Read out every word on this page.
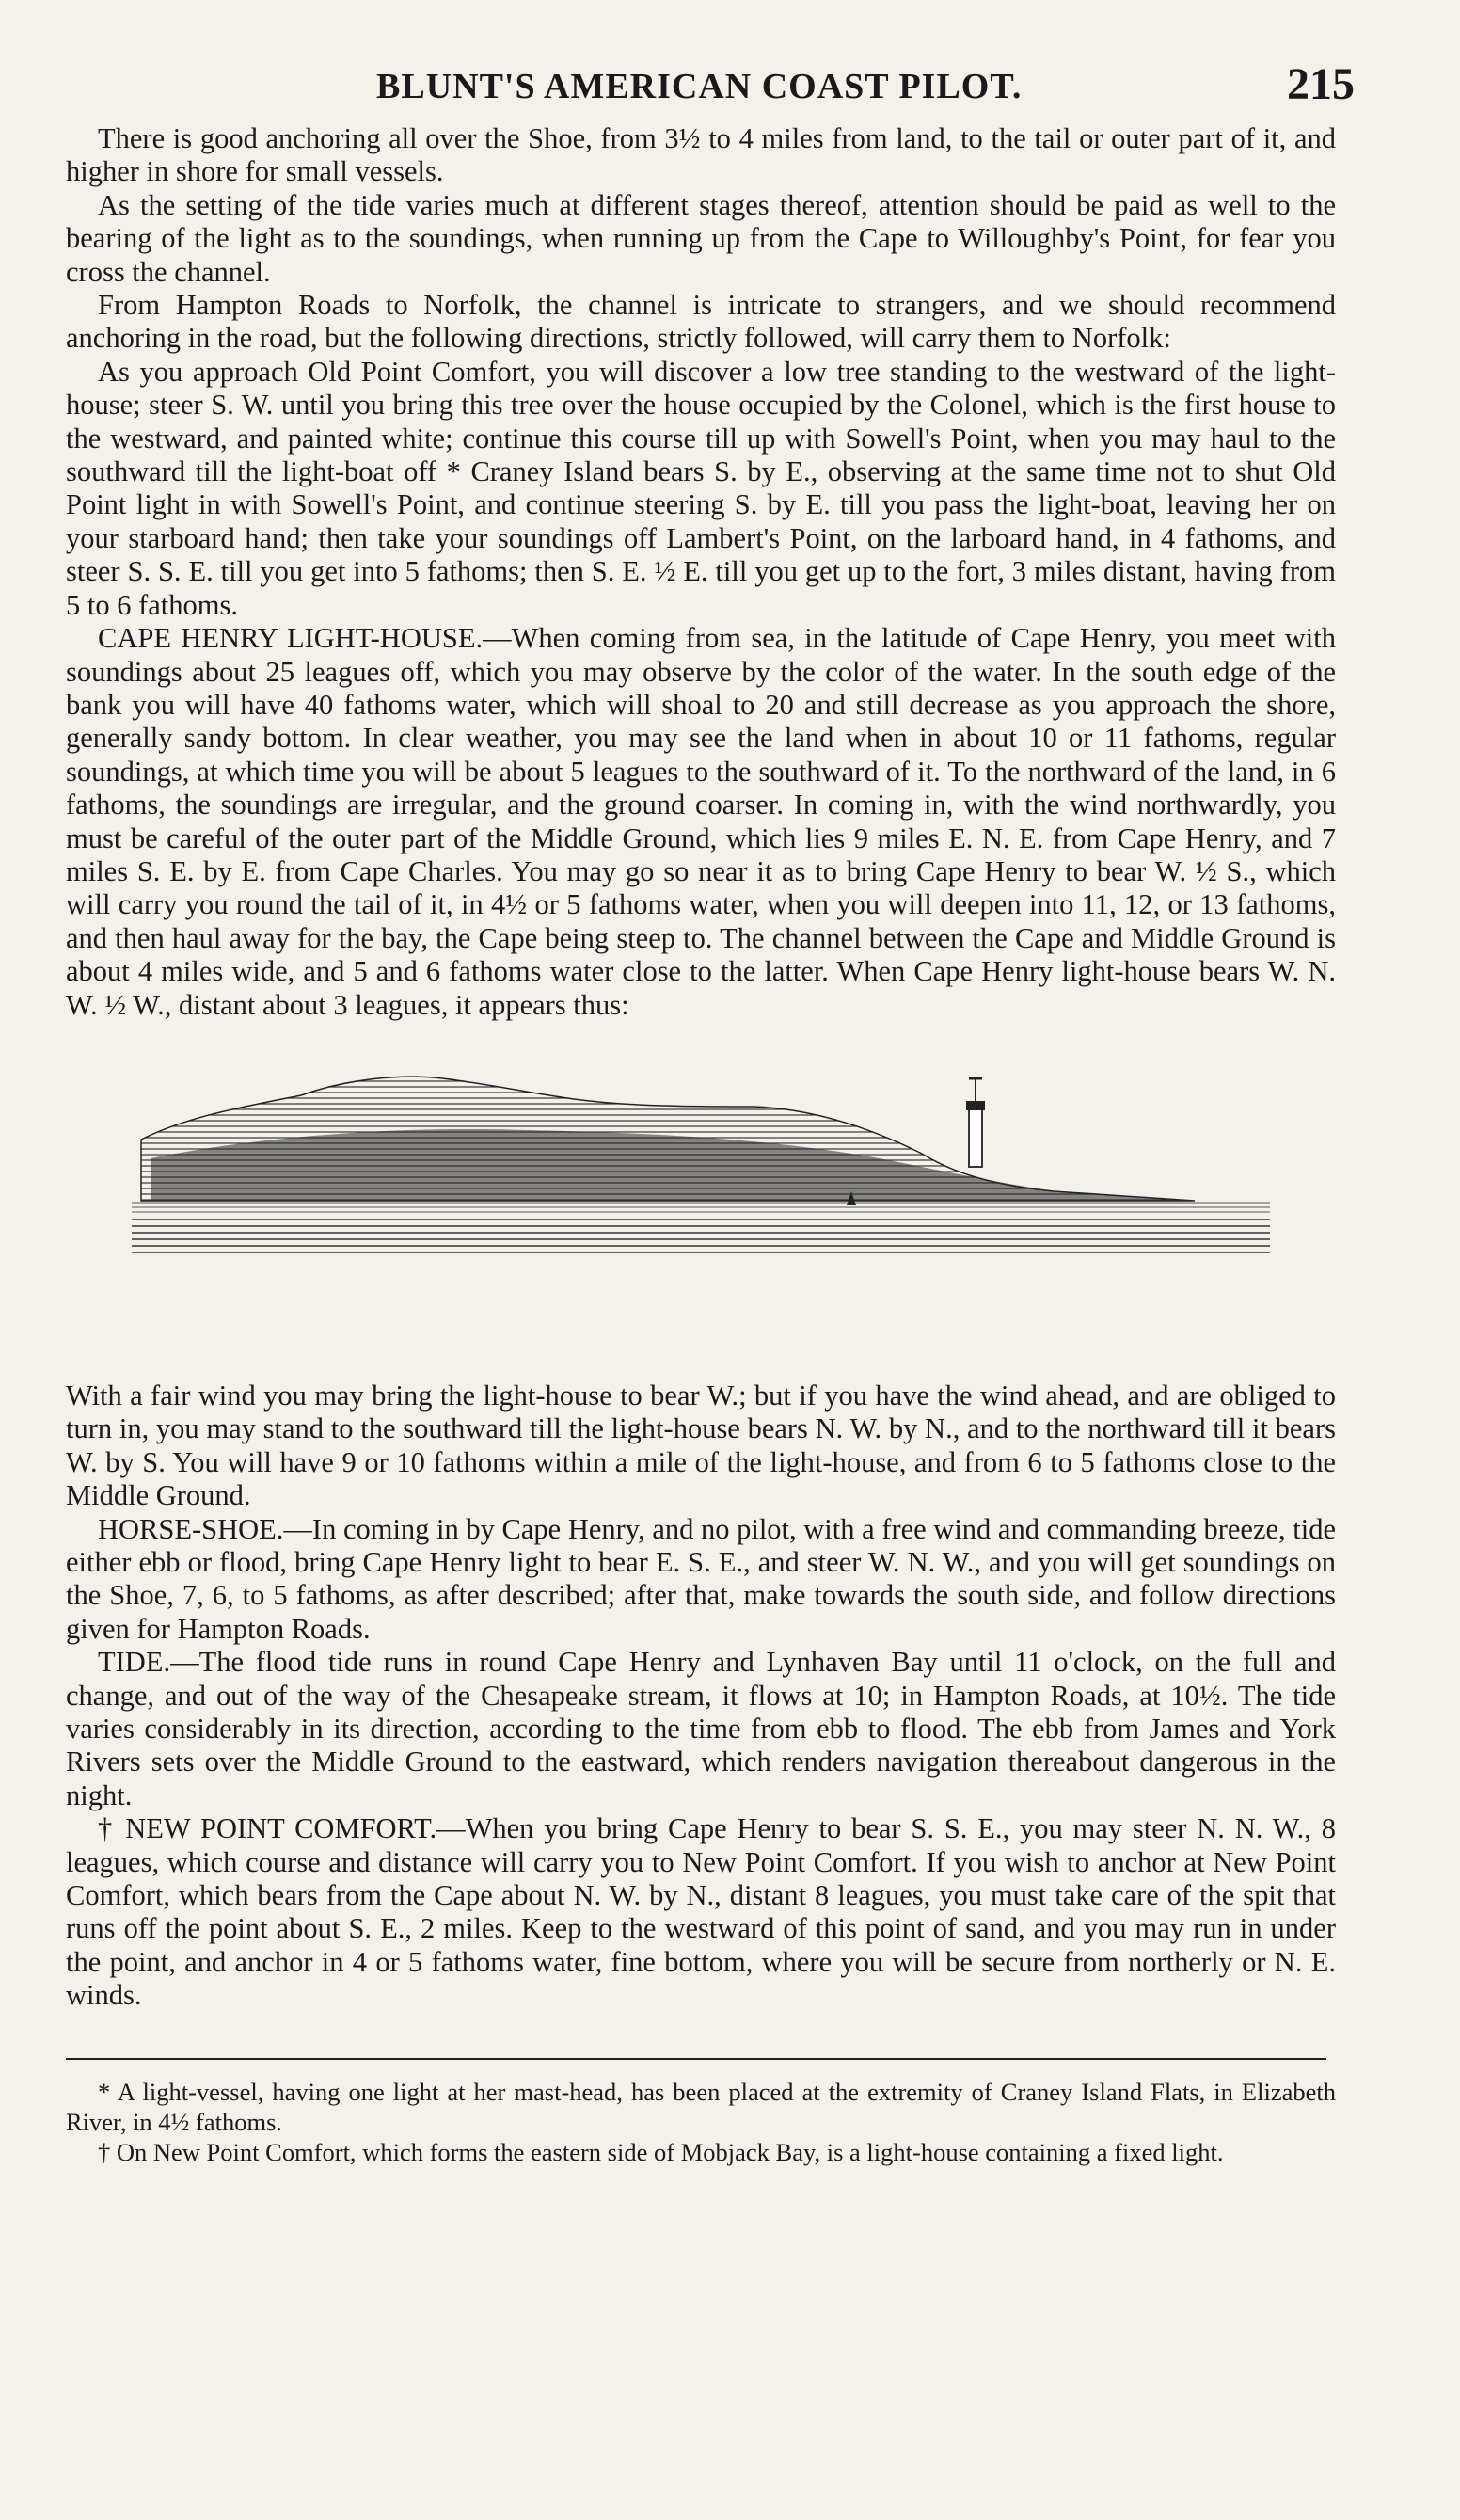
BLUNT'S AMERICAN COAST PILOT.	215

There is good anchoring all over the Shoe, from 3½ to 4 miles from land, to the tail or outer part of it, and higher in shore for small vessels.

As the setting of the tide varies much at different stages thereof, attention should be paid as well to the bearing of the light as to the soundings, when running up from the Cape to Willoughby's Point, for fear you cross the channel.

From Hampton Roads to Norfolk, the channel is intricate to strangers, and we should recommend anchoring in the road, but the following directions, strictly followed, will carry them to Norfolk:

As you approach Old Point Comfort, you will discover a low tree standing to the westward of the light-house; steer S. W. until you bring this tree over the house occupied by the Colonel, which is the first house to the westward, and painted white; continue this course till up with Sowell's Point, when you may haul to the southward till the light-boat off * Craney Island bears S. by E., observing at the same time not to shut Old Point light in with Sowell's Point, and continue steering S. by E. till you pass the light-boat, leaving her on your starboard hand; then take your soundings off Lambert's Point, on the larboard hand, in 4 fathoms, and steer S. S. E. till you get into 5 fathoms; then S. E. ½ E. till you get up to the fort, 3 miles distant, having from 5 to 6 fathoms.

CAPE HENRY LIGHT-HOUSE.—When coming from sea, in the latitude of Cape Henry, you meet with soundings about 25 leagues off, which you may observe by the color of the water. In the south edge of the bank you will have 40 fathoms water, which will shoal to 20 and still decrease as you approach the shore, generally sandy bottom. In clear weather, you may see the land when in about 10 or 11 fathoms, regular soundings, at which time you will be about 5 leagues to the southward of it. To the northward of the land, in 6 fathoms, the soundings are irregular, and the ground coarser. In coming in, with the wind northwardly, you must be careful of the outer part of the Middle Ground, which lies 9 miles E. N. E. from Cape Henry, and 7 miles S. E. by E. from Cape Charles. You may go so near it as to bring Cape Henry to bear W. ½ S., which will carry you round the tail of it, in 4½ or 5 fathoms water, when you will deepen into 11, 12, or 13 fathoms, and then haul away for the bay, the Cape being steep to. The channel between the Cape and Middle Ground is about 4 miles wide, and 5 and 6 fathoms water close to the latter. When Cape Henry light-house bears W. N. W. ½ W., distant about 3 leagues, it appears thus:

With a fair wind you may bring the light-house to bear W.; but if you have the wind ahead, and are obliged to turn in, you may stand to the southward till the light-house bears N. W. by N., and to the northward till it bears W. by S. You will have 9 or 10 fathoms within a mile of the light-house, and from 6 to 5 fathoms close to the Middle Ground.

HORSE-SHOE.—In coming in by Cape Henry, and no pilot, with a free wind and commanding breeze, tide either ebb or flood, bring Cape Henry light to bear E. S. E., and steer W. N. W., and you will get soundings on the Shoe, 7, 6, to 5 fathoms, as after described; after that, make towards the south side, and follow directions given for Hampton Roads.

TIDE.—The flood tide runs in round Cape Henry and Lynhaven Bay until 11 o'clock, on the full and change, and out of the way of the Chesapeake stream, it flows at 10; in Hampton Roads, at 10½. The tide varies considerably in its direction, according to the time from ebb to flood. The ebb from James and York Rivers sets over the Middle Ground to the eastward, which renders navigation thereabout dangerous in the night.

† NEW POINT COMFORT.—When you bring Cape Henry to bear S. S. E., you may steer N. N. W., 8 leagues, which course and distance will carry you to New Point Comfort. If you wish to anchor at New Point Comfort, which bears from the Cape about N. W. by N., distant 8 leagues, you must take care of the spit that runs off the point about S. E., 2 miles. Keep to the westward of this point of sand, and you may run in under the point, and anchor in 4 or 5 fathoms water, fine bottom, where you will be secure from northerly or N. E. winds.

* A light-vessel, having one light at her mast-head, has been placed at the extremity of Craney Island Flats, in Elizabeth River, in 4½ fathoms.

† On New Point Comfort, which forms the eastern side of Mobjack Bay, is a light-house containing a fixed light.
